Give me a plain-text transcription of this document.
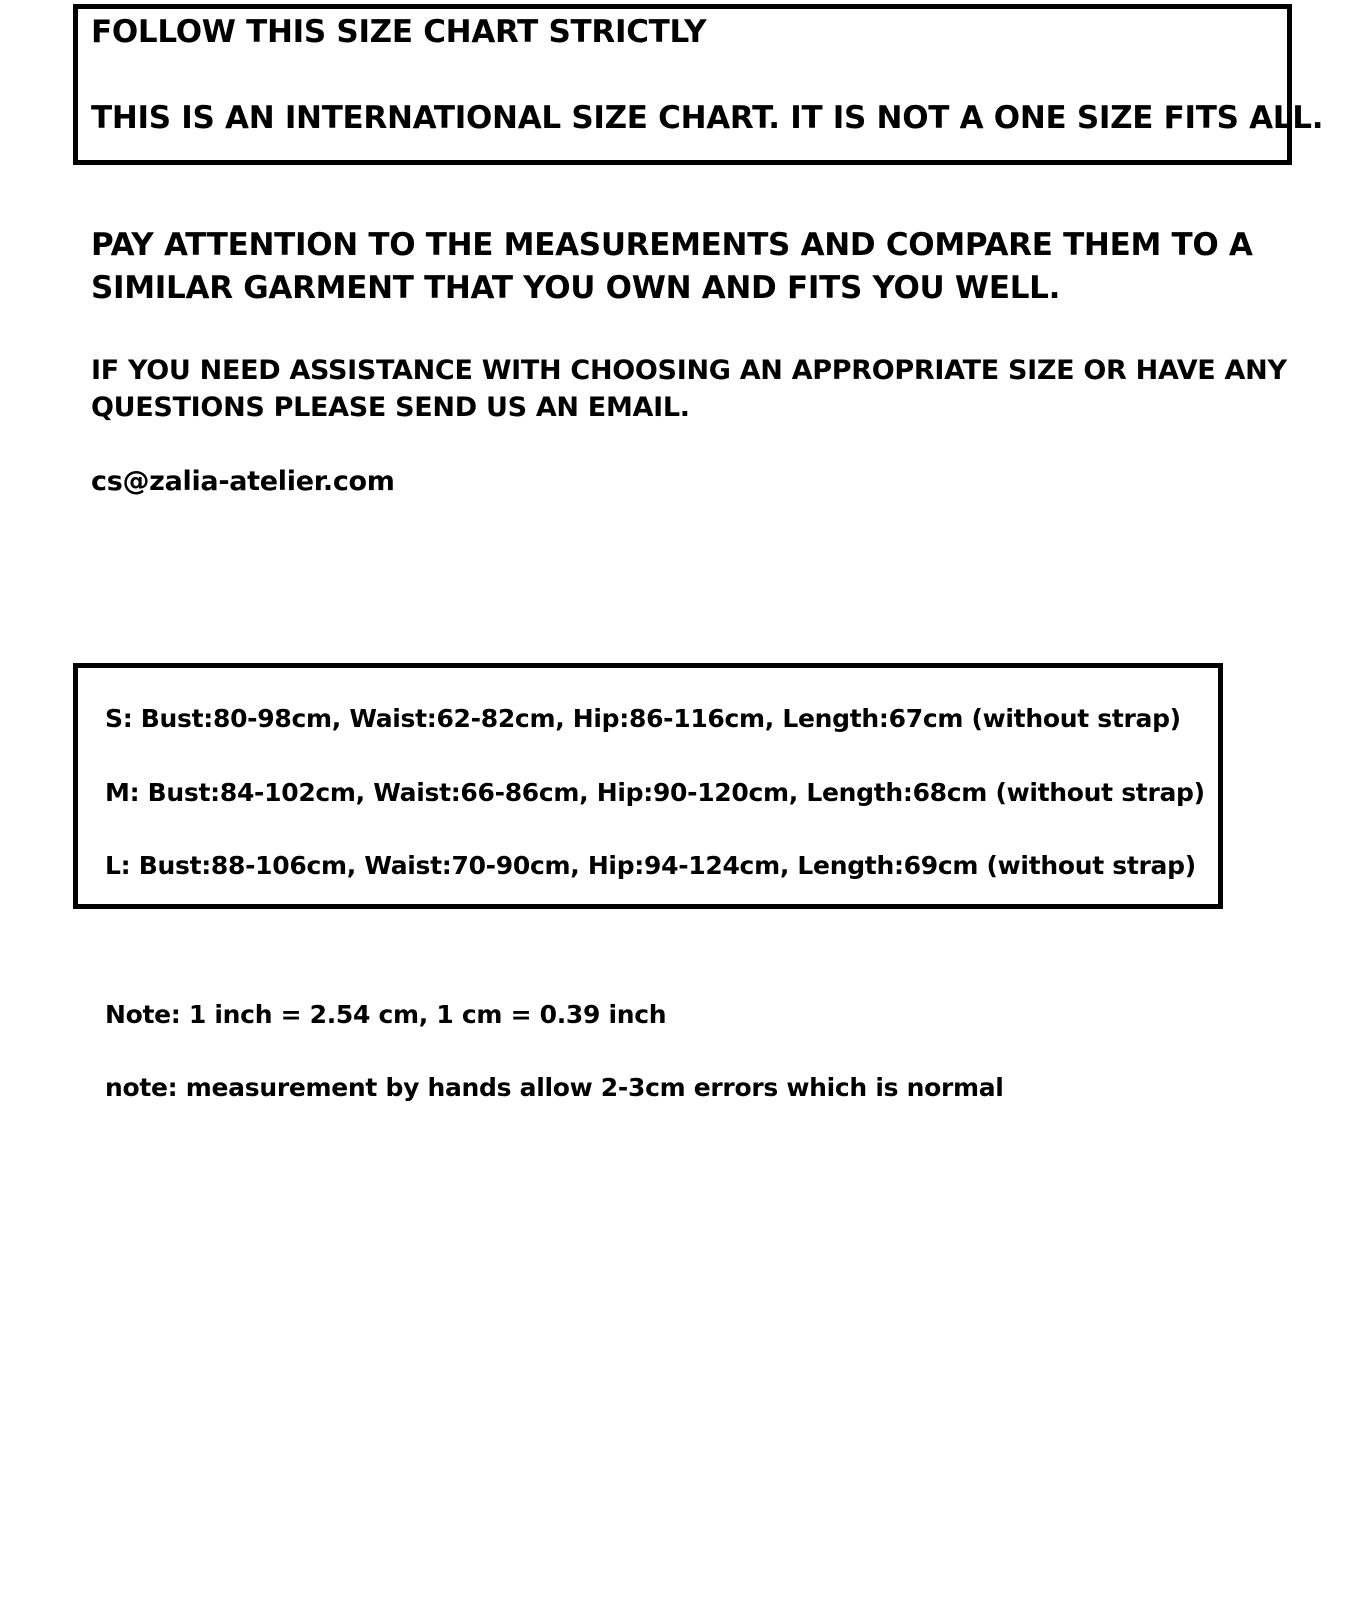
FOLLOW THIS SIZE CHART STRICTLY
THIS IS AN INTERNATIONAL SIZE CHART. IT IS NOT A ONE SIZE FITS ALL.
PAY ATTENTION TO THE MEASUREMENTS AND COMPARE THEM TO A
SIMILAR GARMENT THAT YOU OWN AND FITS YOU WELL.
IF YOU NEED ASSISTANCE WITH CHOOSING AN APPROPRIATE SIZE OR HAVE ANY
QUESTIONS PLEASE SEND US AN EMAIL.
cs@zalia-atelier.com
S: Bust:80-98cm, Waist:62-82cm, Hip:86-116cm, Length:67cm (without strap)
M: Bust:84-102cm, Waist:66-86cm, Hip:90-120cm, Length:68cm (without strap)
L: Bust:88-106cm, Waist:70-90cm, Hip:94-124cm, Length:69cm (without strap)
Note: 1 inch = 2.54 cm, 1 cm = 0.39 inch
note: measurement by hands allow 2-3cm errors which is normal
